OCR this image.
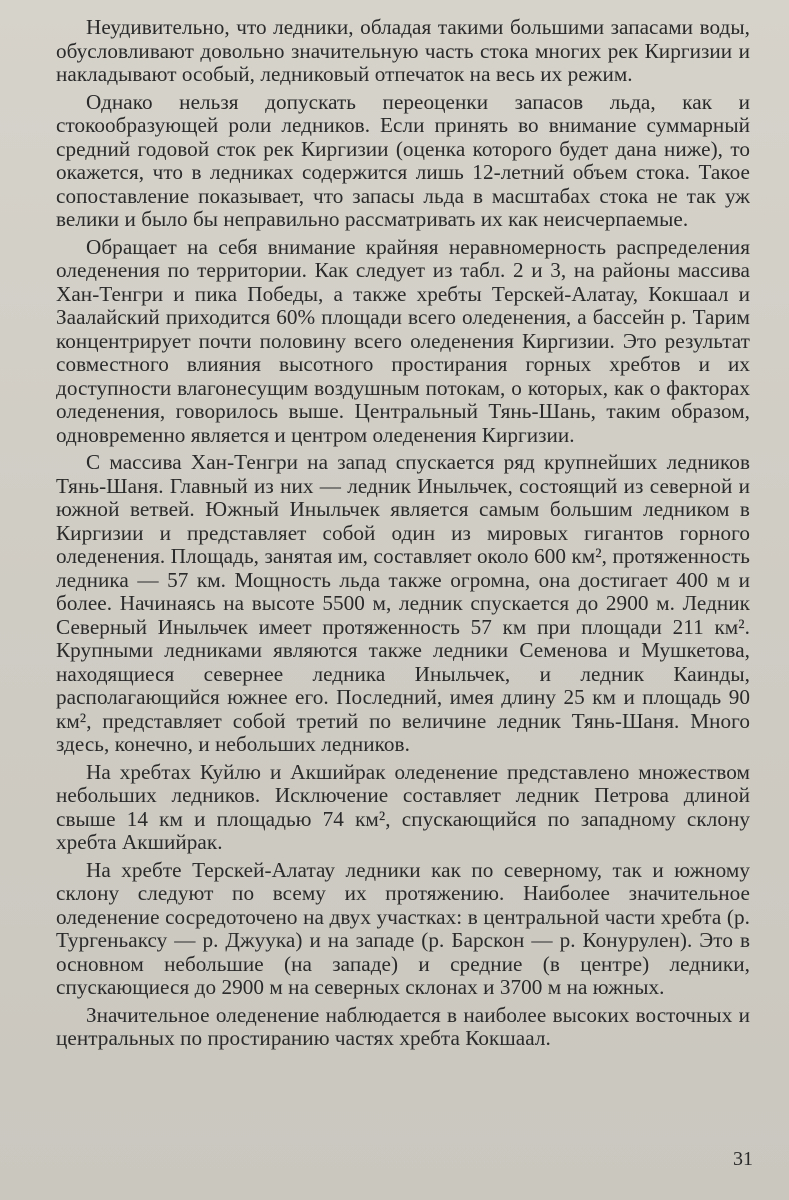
Неудивительно, что ледники, обладая такими большими запасами воды, обусловливают довольно значительную часть стока многих рек Киргизии и накладывают особый, ледниковый отпечаток на весь их режим.

Однако нельзя допускать переоценки запасов льда, как и стокообразующей роли ледников. Если принять во внимание суммарный средний годовой сток рек Киргизии (оценка которого будет дана ниже), то окажется, что в ледниках содержится лишь 12-летний объем стока. Такое сопоставление показывает, что запасы льда в масштабах стока не так уж велики и было бы неправильно рассматривать их как неисчерпаемые.

Обращает на себя внимание крайняя неравномерность распределения оледенения по территории. Как следует из табл. 2 и 3, на районы массива Хан-Тенгри и пика Победы, а также хребты Терскей-Алатау, Кокшаал и Заалайский приходится 60% площади всего оледенения, а бассейн р. Тарим концентрирует почти половину всего оледенения Киргизии. Это результат совместного влияния высотного простирания горных хребтов и их доступности влагонесущим воздушным потокам, о которых, как о факторах оледенения, говорилось выше. Центральный Тянь-Шань, таким образом, одновременно является и центром оледенения Киргизии.

С массива Хан-Тенгри на запад спускается ряд крупнейших ледников Тянь-Шаня. Главный из них — ледник Иныльчек, состоящий из северной и южной ветвей. Южный Иныльчек является самым большим ледником в Киргизии и представляет собой один из мировых гигантов горного оледенения. Площадь, занятая им, составляет около 600 км², протяженность ледника — 57 км. Мощность льда также огромна, она достигает 400 м и более. Начинаясь на высоте 5500 м, ледник спускается до 2900 м. Ледник Северный Иныльчек имеет протяженность 57 км при площади 211 км². Крупными ледниками являются также ледники Семенова и Мушкетова, находящиеся севернее ледника Иныльчек, и ледник Каинды, располагающийся южнее его. Последний, имея длину 25 км и площадь 90 км², представляет собой третий по величине ледник Тянь-Шаня. Много здесь, конечно, и небольших ледников.

На хребтах Куйлю и Акшийрак оледенение представлено множеством небольших ледников. Исключение составляет ледник Петрова длиной свыше 14 км и площадью 74 км², спускающийся по западному склону хребта Акшийрак.

На хребте Терскей-Алатау ледники как по северному, так и южному склону следуют по всему их протяжению. Наиболее значительное оледенение сосредоточено на двух участках: в центральной части хребта (р. Тургеньаксу — р. Джуука) и на западе (р. Барскон — р. Конурулен). Это в основном небольшие (на западе) и средние (в центре) ледники, спускающиеся до 2900 м на северных склонах и 3700 м на южных.

Значительное оледенение наблюдается в наиболее высоких восточных и центральных по простиранию частях хребта Кокшаал.

31
